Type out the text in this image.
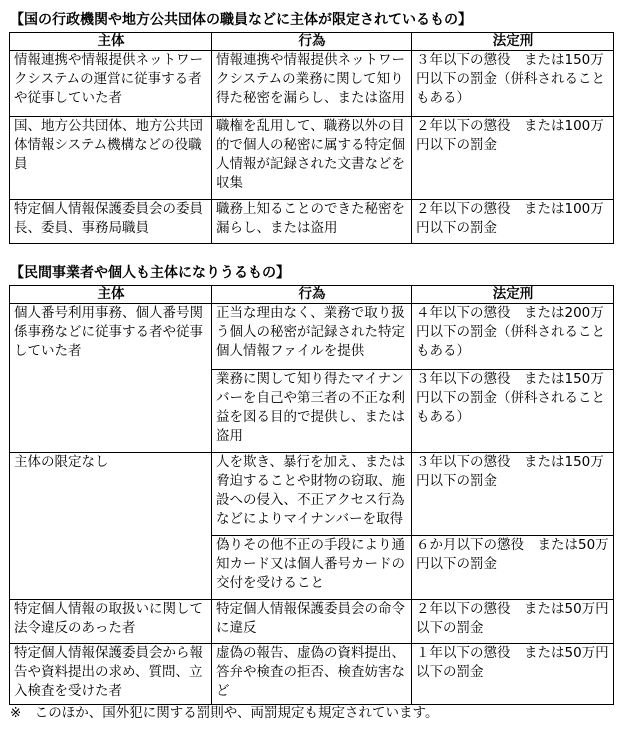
【国の行政機関や地方公共団体の職員などに主体が限定されているもの】
主体	行為	法定刑
情報連携や情報提供ネットワークシステムの運営に従事する者や従事していた者	情報連携や情報提供ネットワークシステムの業務に関して知り得た秘密を漏らし、または盗用	３年以下の懲役　または150万円以下の罰金（併科されることもある）
国、地方公共団体、地方公共団体情報システム機構などの役職員	職権を乱用して、職務以外の目的で個人の秘密に属する特定個人情報が記録された文書などを収集	２年以下の懲役　または100万円以下の罰金
特定個人情報保護委員会の委員長、委員、事務局職員	職務上知ることのできた秘密を漏らし、または盗用	２年以下の懲役　または100万円以下の罰金
【民間事業者や個人も主体になりうるもの】
主体	行為	法定刑
個人番号利用事務、個人番号関係事務などに従事する者や従事していた者	正当な理由なく、業務で取り扱う個人の秘密が記録された特定個人情報ファイルを提供	４年以下の懲役　または200万円以下の罰金（併科されることもある）
	業務に関して知り得たマイナンバーを自己や第三者の不正な利益を図る目的で提供し、または盗用	３年以下の懲役　または150万円以下の罰金（併科されることもある）
主体の限定なし	人を欺き、暴行を加え、または脅迫することや財物の窃取、施設への侵入、不正アクセス行為などによりマイナンバーを取得	３年以下の懲役　または150万円以下の罰金
	偽りその他不正の手段により通知カード又は個人番号カードの交付を受けること	６か月以下の懲役　または50万円以下の罰金
特定個人情報の取扱いに関して法令違反のあった者	特定個人情報保護委員会の命令に違反	２年以下の懲役　または50万円以下の罰金
特定個人情報保護委員会から報告や資料提出の求め、質問、立入検査を受けた者	虚偽の報告、虚偽の資料提出、答弁や検査の拒否、検査妨害など	１年以下の懲役　または50万円以下の罰金
※　このほか、国外犯に関する罰則や、両罰規定も規定されています。
